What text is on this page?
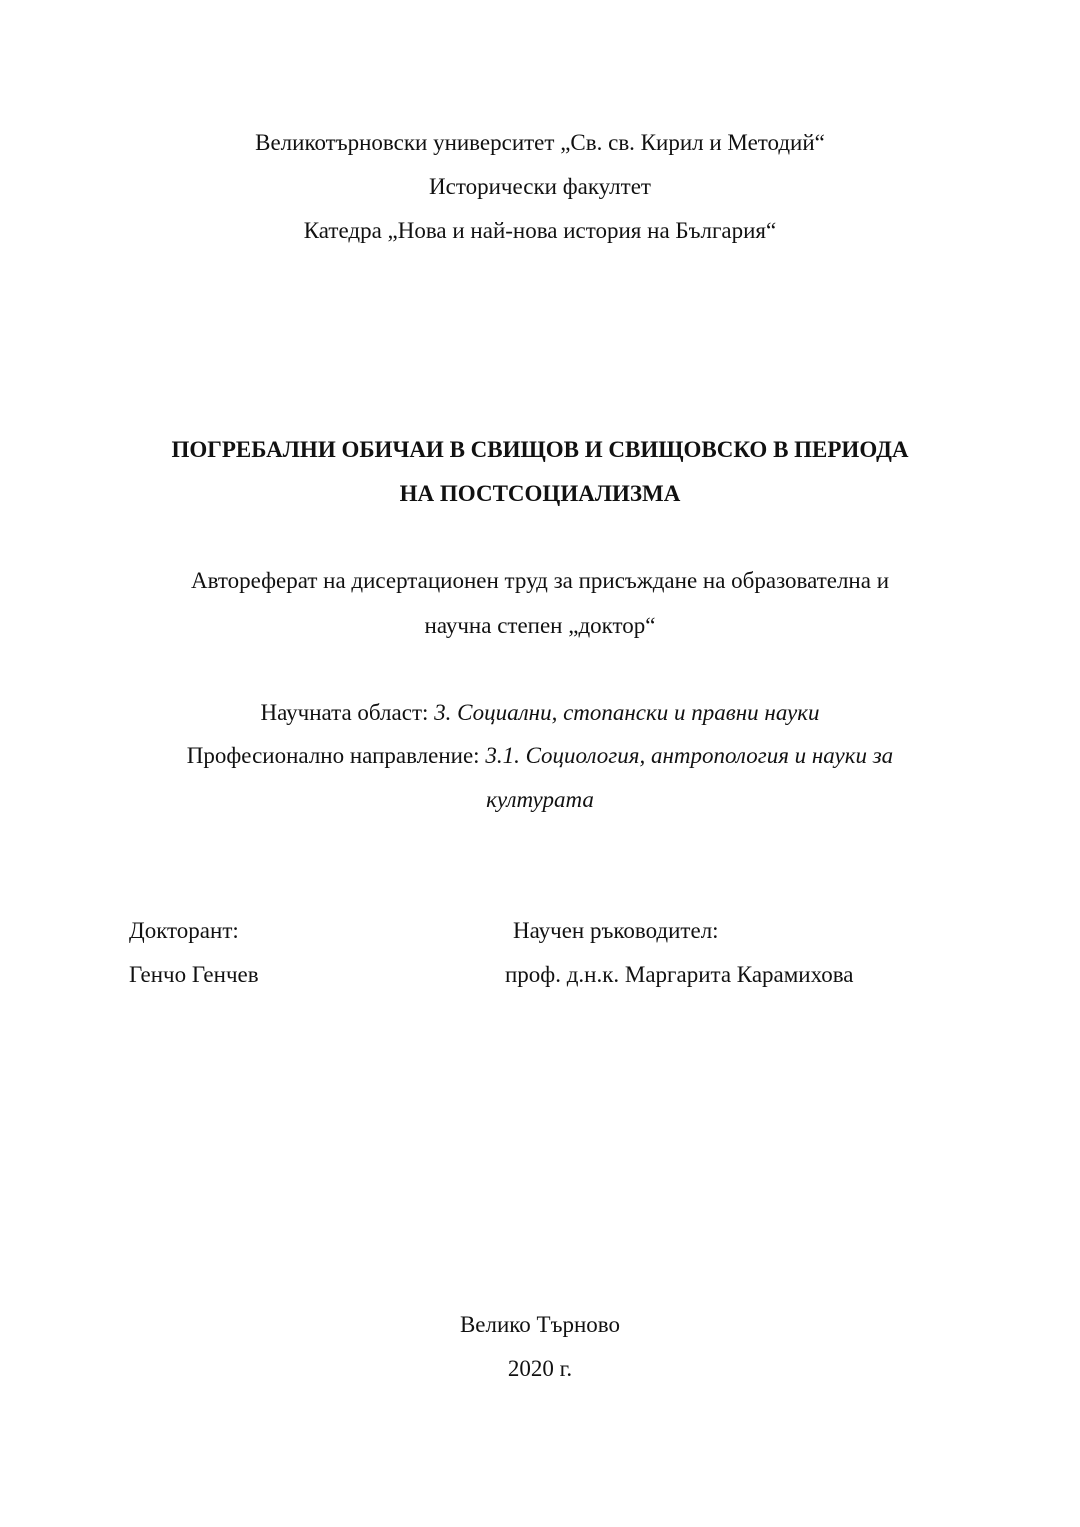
Великотърновски университет „Св. св. Кирил и Методий“
Исторически факултет
Катедра „Нова и най-нова история на България“
ПОГРЕБАЛНИ ОБИЧАИ В СВИЩОВ И СВИЩОВСКО В ПЕРИОДА
НА ПОСТСОЦИАЛИЗМА
Автореферат на дисертационен труд за присъждане на образователна и
научна степен „доктор“
Научната област: 3. Социални, стопански и правни науки
Професионално направление: 3.1. Социология, антропология и науки за
културата
Докторант:
Генчо Генчев
Научен ръководител:
проф. д.н.к. Маргарита Карамихова
Велико Търново
2020 г.
